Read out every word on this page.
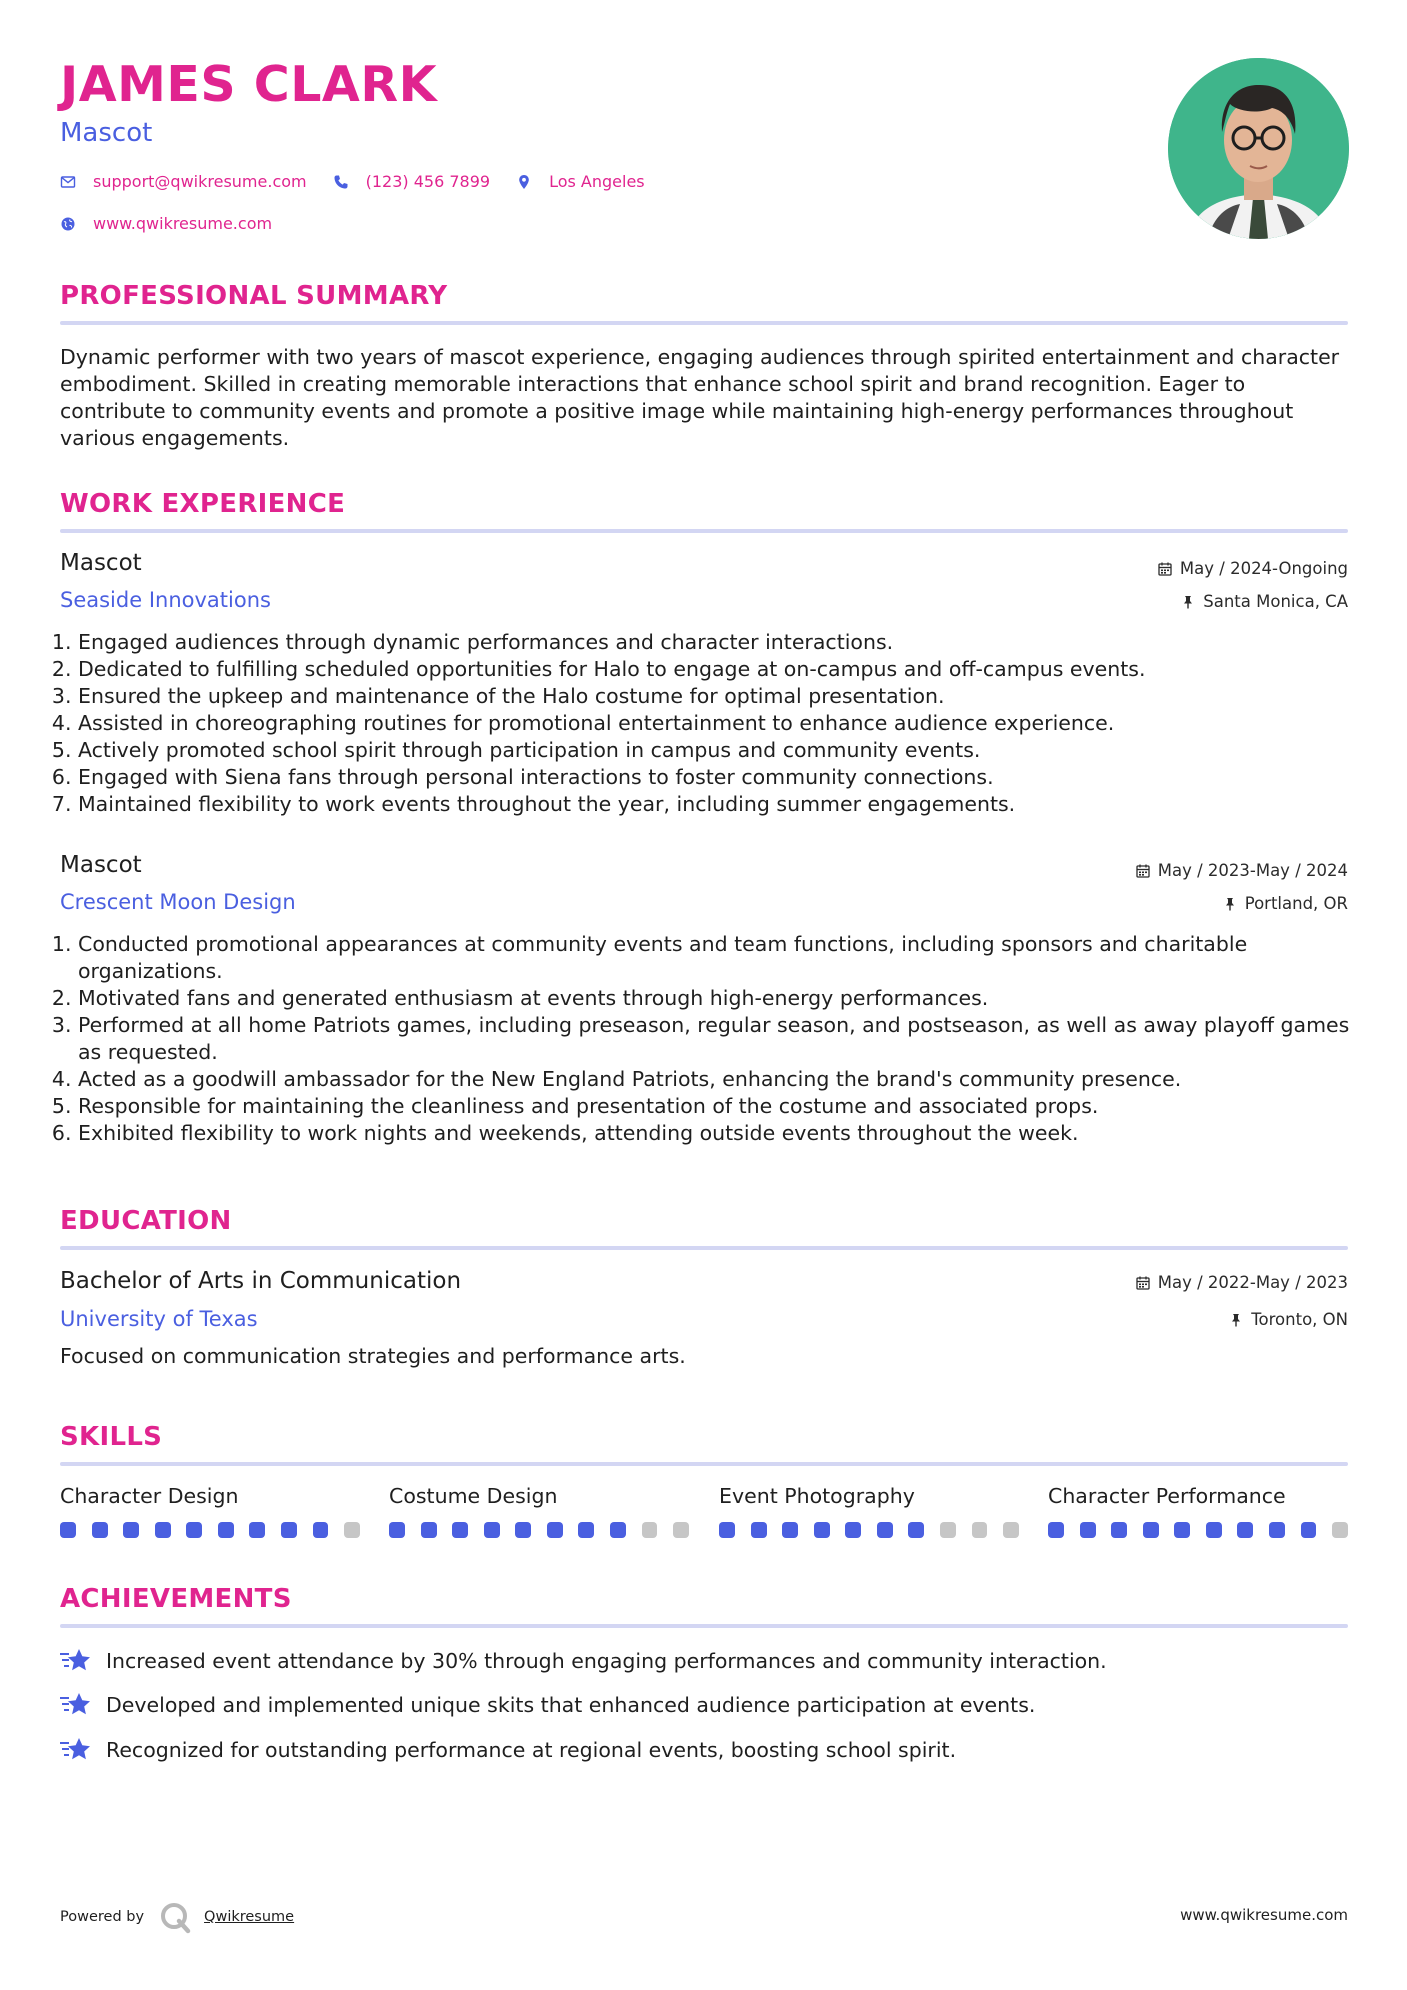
JAMES CLARK
Mascot
support@qwikresume.com	(123) 456 7899	Los Angeles
www.qwikresume.com
PROFESSIONAL SUMMARY

Dynamic performer with two years of mascot experience, engaging audiences through spirited entertainment and character embodiment. Skilled in creating memorable interactions that enhance school spirit and brand recognition. Eager to contribute to community events and promote a positive image while maintaining high-energy performances throughout various engagements.

WORK EXPERIENCE
Mascot
Seaside Innovations
May / 2024-Ongoing
Santa Monica, CA
1. Engaged audiences through dynamic performances and character interactions.
2. Dedicated to fulfilling scheduled opportunities for Halo to engage at on-campus and off-campus events.
3. Ensured the upkeep and maintenance of the Halo costume for optimal presentation.
4. Assisted in choreographing routines for promotional entertainment to enhance audience experience.
5. Actively promoted school spirit through participation in campus and community events.
6. Engaged with Siena fans through personal interactions to foster community connections.
7. Maintained flexibility to work events throughout the year, including summer engagements.
Mascot
Crescent Moon Design
May / 2023-May / 2024
Portland, OR
1. Conducted promotional appearances at community events and team functions, including sponsors and charitable organizations.
2. Motivated fans and generated enthusiasm at events through high-energy performances.
3. Performed at all home Patriots games, including preseason, regular season, and postseason, as well as away playoff games as requested.
4. Acted as a goodwill ambassador for the New England Patriots, enhancing the brand's community presence.
5. Responsible for maintaining the cleanliness and presentation of the costume and associated props.
6. Exhibited flexibility to work nights and weekends, attending outside events throughout the week.
EDUCATION
Bachelor of Arts in Communication
University of Texas
May / 2022-May / 2023
Toronto, ON

Focused on communication strategies and performance arts.

SKILLS
Character Design	Costume Design	Event Photography	Character Performance
ACHIEVEMENTS
Increased event attendance by 30% through engaging performances and community interaction.
Developed and implemented unique skits that enhanced audience participation at events.
Recognized for outstanding performance at regional events, boosting school spirit.
Powered by	Qwikresume	www.qwikresume.com
